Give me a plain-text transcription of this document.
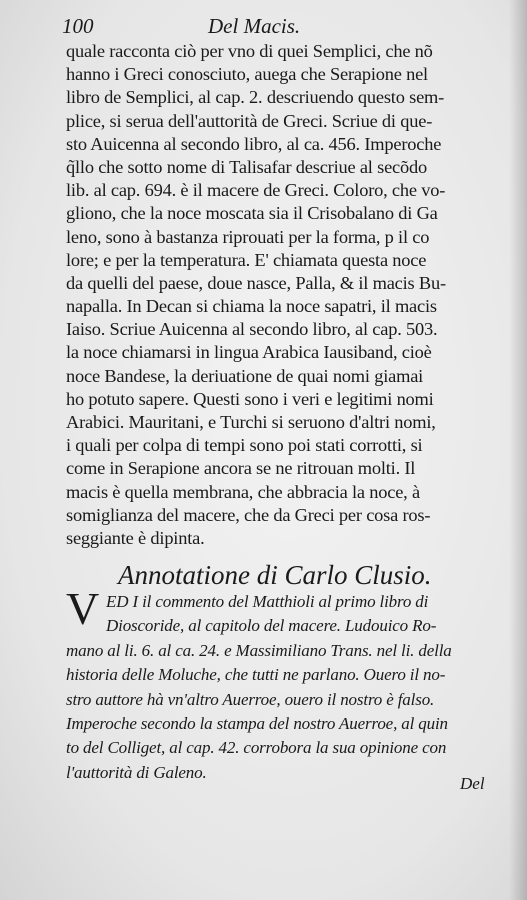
100	Del Macis.
quale racconta ciò per vno di quei Semplici, che nõ
hanno i Greci conosciuto, auega che Serapione nel
libro de Semplici, al cap. 2. descriuendo questo sem-
plice, si serua dell'auttorità de Greci. Scriue di que-
sto Auicenna al secondo libro, al ca. 456. Imperoche
q̃llo che sotto nome di Talisafar descriue al secõdo
lib. al cap. 694. è il macere de Greci. Coloro, che vo-
gliono, che la noce moscata sia il Crisobalano di Ga
leno, sono à bastanza riprouati per la forma, p il co
lore; e per la temperatura. E' chiamata questa noce
da quelli del paese, doue nasce, Palla, & il macis Bu-
napalla. In Decan si chiama la noce sapatri, il macis
Iaiso. Scriue Auicenna al secondo libro, al cap. 503.
la noce chiamarsi in lingua Arabica Iausiband, cioè
noce Bandese, la deriuatione de quai nomi giamai
ho potuto sapere. Questi sono i veri e legitimi nomi
Arabici. Mauritani, e Turchi si seruono d'altri nomi,
i quali per colpa di tempi sono poi stati corrotti, si
come in Serapione ancora se ne ritrouan molti. Il
macis è quella membrana, che abbracia la noce, à
somiglianza del macere, che da Greci per cosa ros-
seggiante è dipinta.
Annotatione di Carlo Clusio.
V ED I il commento del Matthioli al primo libro di
Dioscoride, al capitolo del macere. Ludouico Ro-
mano al li. 6. al ca. 24. e Massimiliano Trans. nel li. della
historia delle Moluche, che tutti ne parlano. Ouero il no-
stro auttore hà vn'altro Auerroe, ouero il nostro è falso.
Imperoche secondo la stampa del nostro Auerroe, al quin
to del Colliget, al cap. 42. corrobora la sua opinione con
l'auttorità di Galeno.
Del
